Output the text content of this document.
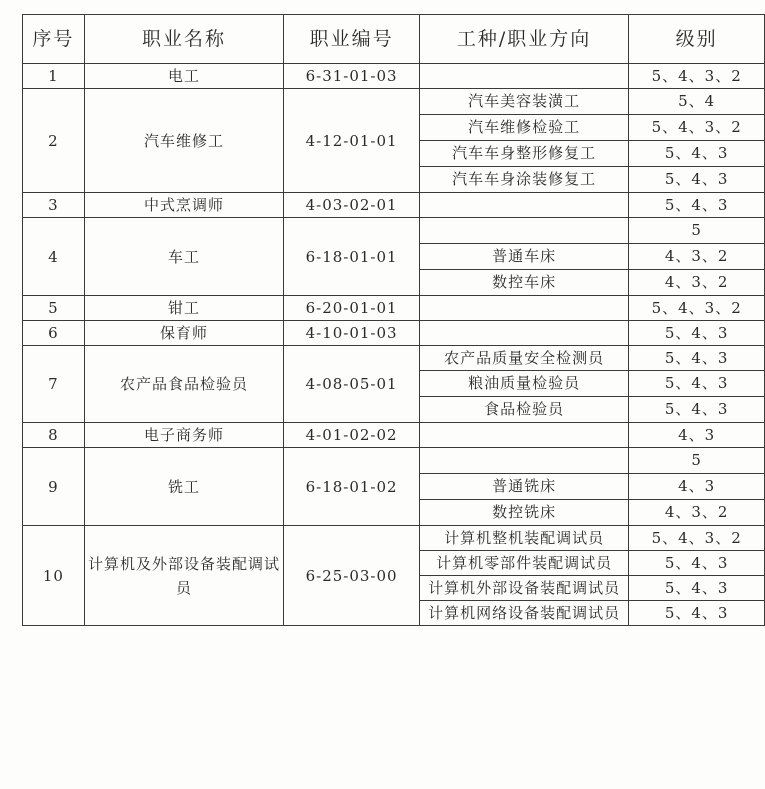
序号	职业名称	职业编号	工种/职业方向	级别
1	电工	6-31-01-03		5、4、3、2
2	汽车维修工	4-12-01-01	汽车美容装潢工	5、4
			汽车维修检验工	5、4、3、2
			汽车车身整形修复工	5、4、3
			汽车车身涂装修复工	5、4、3
3	中式烹调师	4-03-02-01		5、4、3
4	车工	6-18-01-01		5
			普通车床	4、3、2
			数控车床	4、3、2
5	钳工	6-20-01-01		5、4、3、2
6	保育师	4-10-01-03		5、4、3
7	农产品食品检验员	4-08-05-01	农产品质量安全检测员	5、4、3
			粮油质量检验员	5、4、3
			食品检验员	5、4、3
8	电子商务师	4-01-02-02		4、3
9	铣工	6-18-01-02		5
			普通铣床	4、3
			数控铣床	4、3、2
10	计算机及外部设备装配调试员	6-25-03-00	计算机整机装配调试员	5、4、3、2
			计算机零部件装配调试员	5、4、3
			计算机外部设备装配调试员	5、4、3
			计算机网络设备装配调试员	5、4、3
